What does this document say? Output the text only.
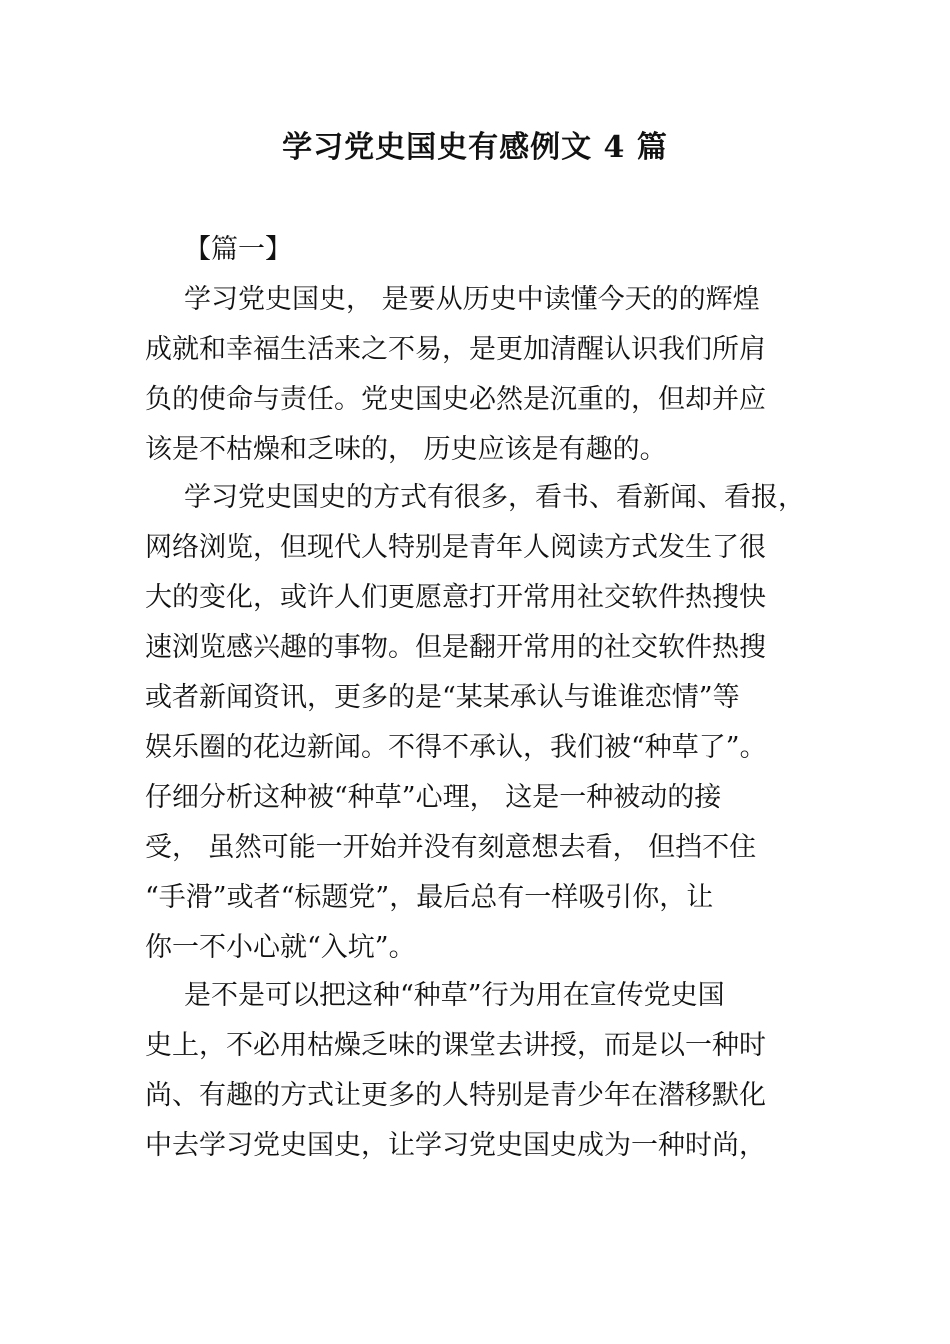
学习党史国史有感例文 4 篇
【篇一】
学习党史国史， 是要从历史中读懂今天的的辉煌
成就和幸福生活来之不易，是更加清醒认识我们所肩
负的使命与责任。党史国史必然是沉重的，但却并应
该是不枯燥和乏味的， 历史应该是有趣的。
学习党史国史的方式有很多，看书、看新闻、看报，
网络浏览，但现代人特别是青年人阅读方式发生了很
大的变化，或许人们更愿意打开常用社交软件热搜快
速浏览感兴趣的事物。但是翻开常用的社交软件热搜
或者新闻资讯，更多的是“某某承认与谁谁恋情”等
娱乐圈的花边新闻。不得不承认，我们被“种草了”。
仔细分析这种被“种草”心理， 这是一种被动的接
受， 虽然可能一开始并没有刻意想去看， 但挡不住
“手滑”或者“标题党”，最后总有一样吸引你，让
你一不小心就“入坑”。
是不是可以把这种“种草”行为用在宣传党史国
史上，不必用枯燥乏味的课堂去讲授，而是以一种时
尚、有趣的方式让更多的人特别是青少年在潜移默化
中去学习党史国史，让学习党史国史成为一种时尚，
